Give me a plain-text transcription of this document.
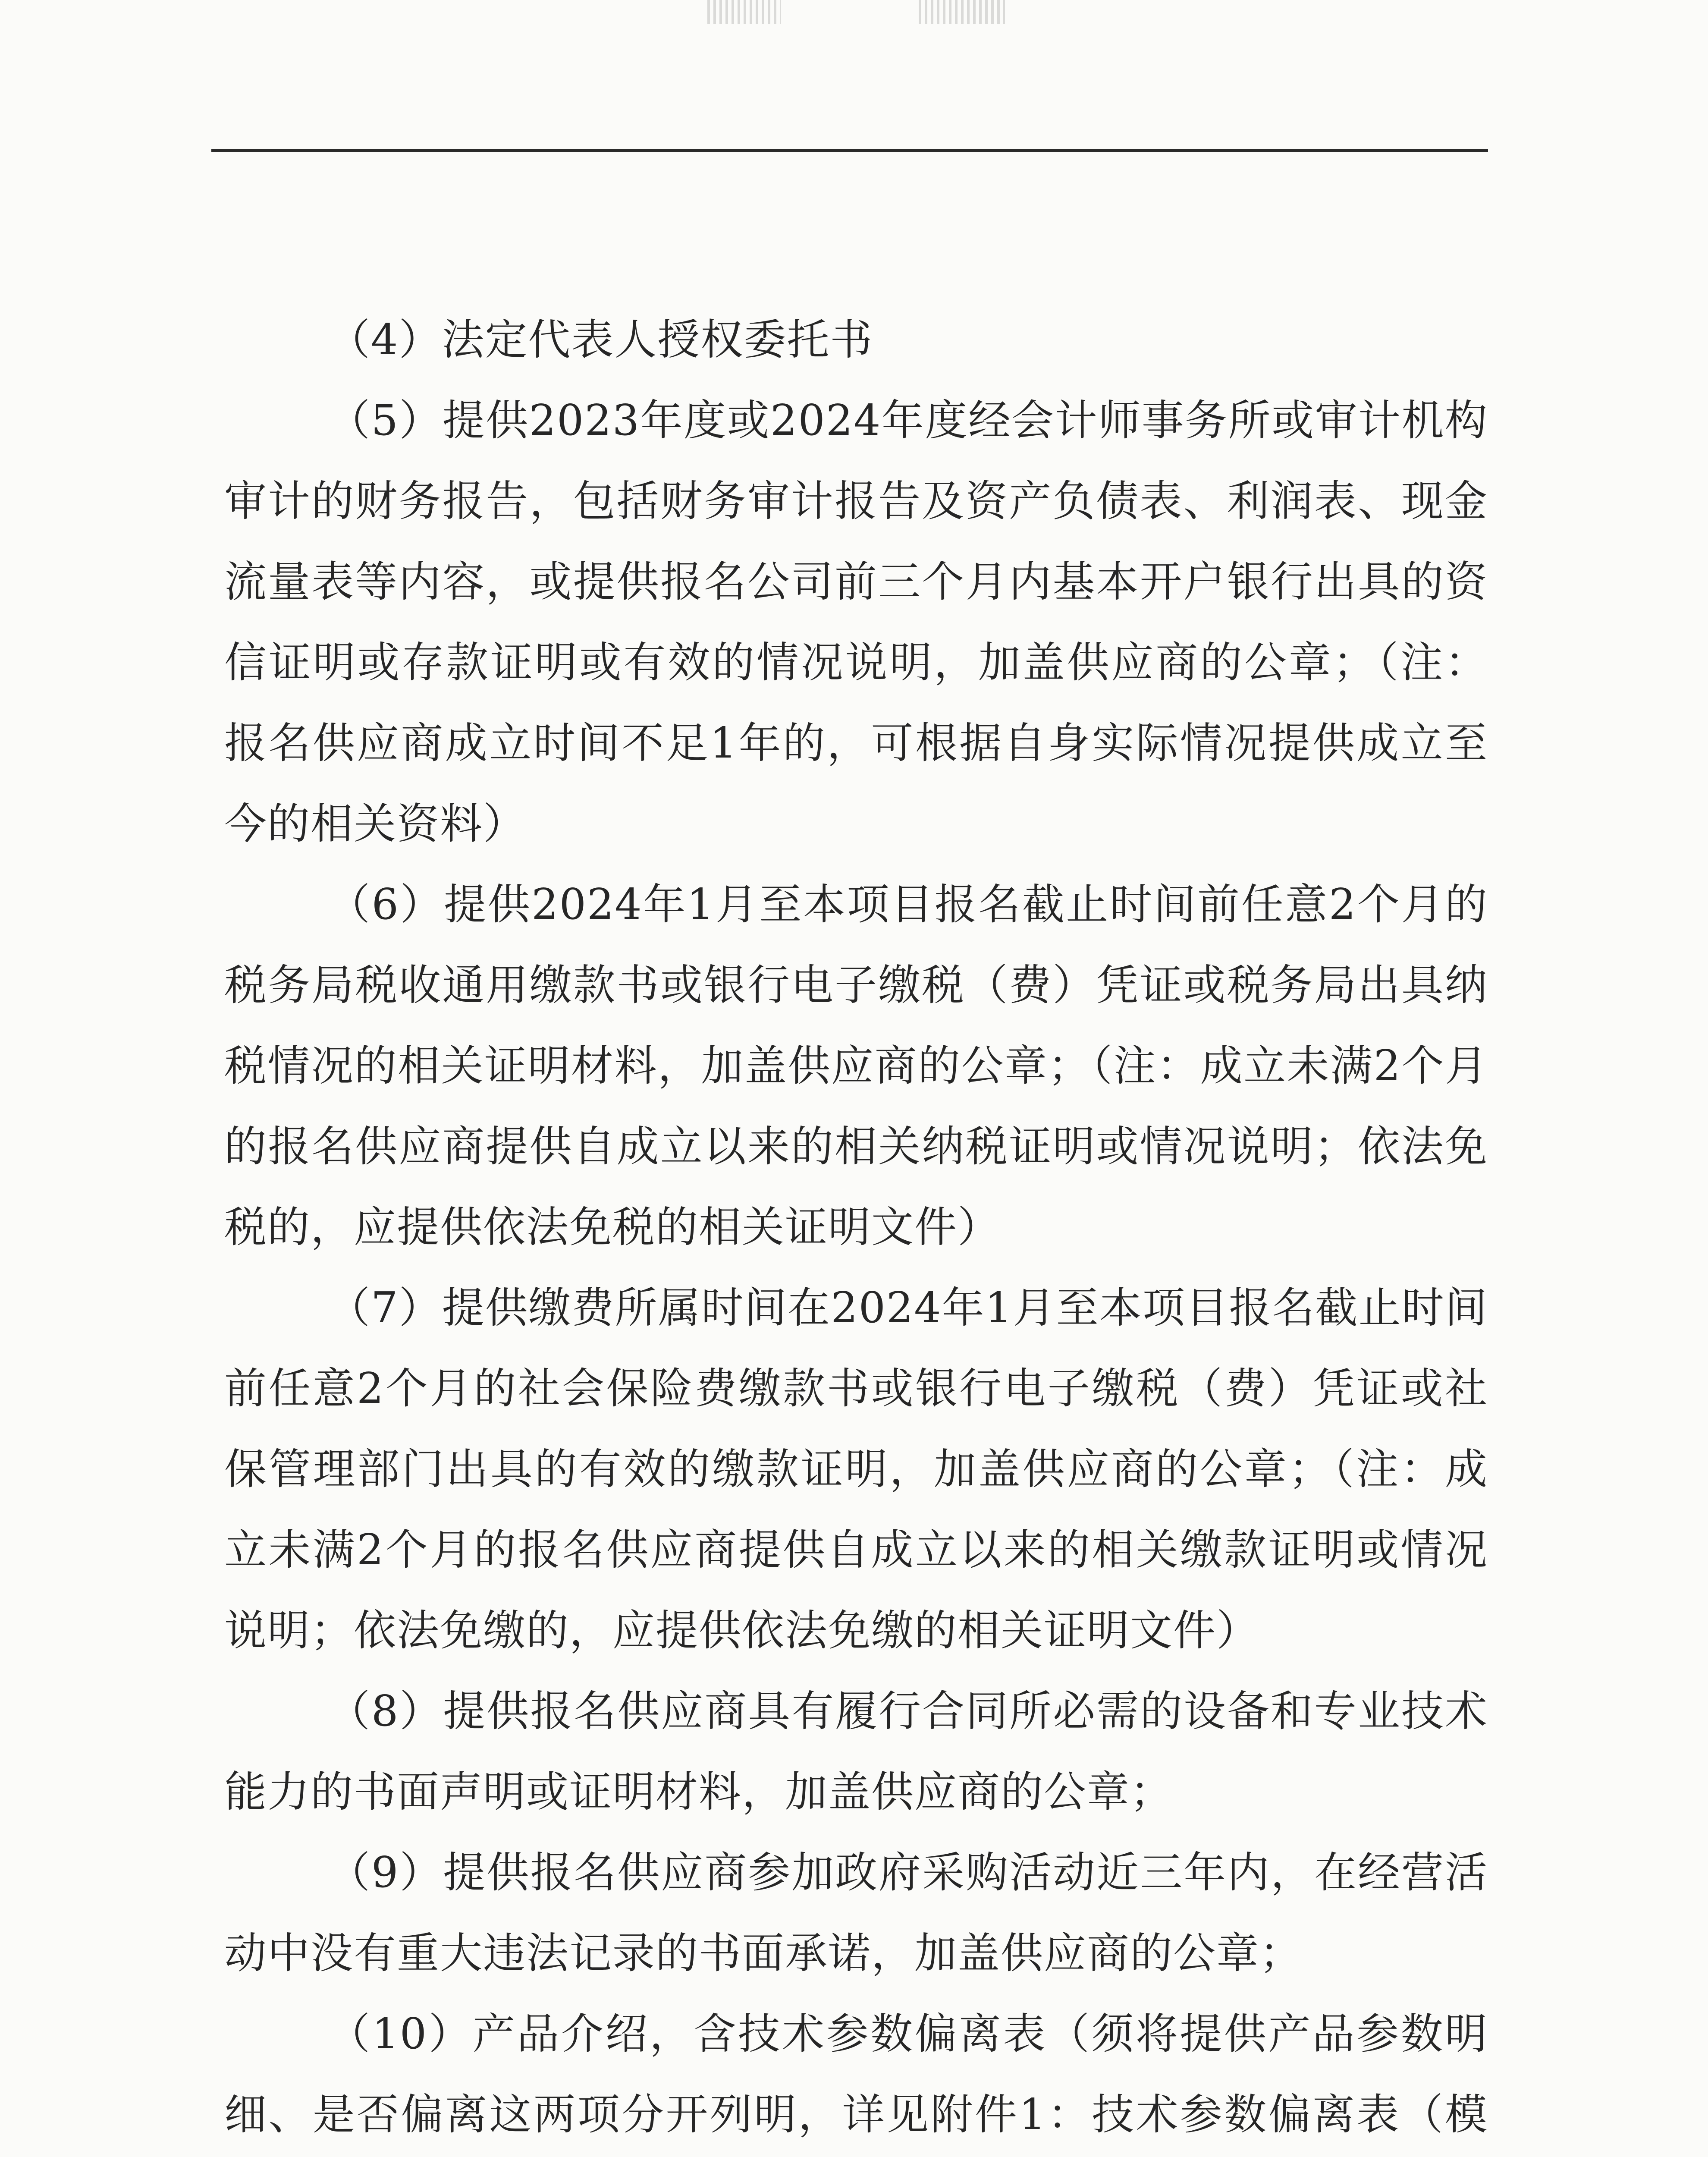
（4）法定代表人授权委托书

（5）提供2023年度或2024年度经会计师事务所或审计机构审计的财务报告，包括财务审计报告及资产负债表、利润表、现金流量表等内容，或提供报名公司前三个月内基本开户银行出具的资信证明或存款证明或有效的情况说明，加盖供应商的公章；（注：报名供应商成立时间不足1年的，可根据自身实际情况提供成立至今的相关资料）

（6）提供2024年1月至本项目报名截止时间前任意2个月的税务局税收通用缴款书或银行电子缴税（费）凭证或税务局出具纳税情况的相关证明材料，加盖供应商的公章；（注：成立未满2个月的报名供应商提供自成立以来的相关纳税证明或情况说明；依法免税的，应提供依法免税的相关证明文件）

（7）提供缴费所属时间在2024年1月至本项目报名截止时间前任意2个月的社会保险费缴款书或银行电子缴税（费）凭证或社保管理部门出具的有效的缴款证明，加盖供应商的公章；（注：成立未满2个月的报名供应商提供自成立以来的相关缴款证明或情况说明；依法免缴的，应提供依法免缴的相关证明文件）

（8）提供报名供应商具有履行合同所必需的设备和专业技术能力的书面声明或证明材料，加盖供应商的公章；

（9）提供报名供应商参加政府采购活动近三年内，在经营活动中没有重大违法记录的书面承诺，加盖供应商的公章；

（10）产品介绍，含技术参数偏离表（须将提供产品参数明细、是否偏离这两项分开列明，详见附件1：技术参数偏离表（模
